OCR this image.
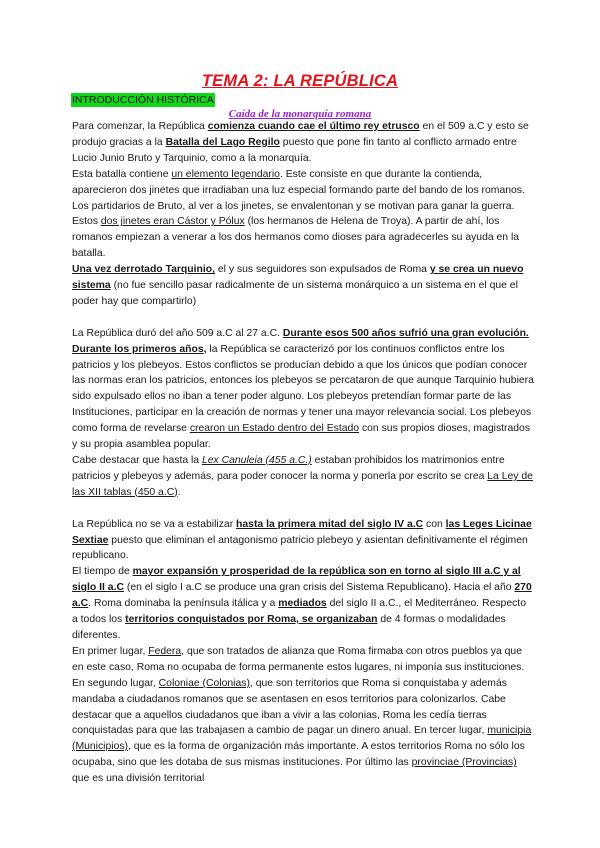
TEMA 2: LA REPÚBLICA
INTRODUCCIÓN HISTÓRICA
Caída de la monarquía romana

Para comenzar, la República comienza cuando cae el último rey etrusco en el 509 a.C y esto se produjo gracias a la Batalla del Lago Regilo puesto que pone fin tanto al conflicto armado entre Lucio Junio Bruto y Tarquinio, como a la monarquía.

Esta batalla contiene un elemento legendario. Este consiste en que durante la contienda, aparecieron dos jinetes que irradiaban una luz especial formando parte del bando de los romanos. Los partidarios de Bruto, al ver a los jinetes, se envalentonan y se motivan para ganar la guerra. Estos dos jinetes eran Cástor y Pólux (los hermanos de Helena de Troya). A partir de ahí, los romanos empiezan a venerar a los dos hermanos como dioses para agradecerles su ayuda en la batalla.

Una vez derrotado Tarquinio, el y sus seguidores son expulsados de Roma y se crea un nuevo sistema (no fue sencillo pasar radicalmente de un sistema monárquico a un sistema en el que el poder hay que compartirlo)

La República duró del año 509 a.C al 27 a.C. Durante esos 500 años sufrió una gran evolución.

Durante los primeros años, la República se caracterizó por los continuos conflictos entre los patricios y los plebeyos. Estos conflictos se producían debido a que los únicos que podían conocer las normas eran los patricios, entonces los plebeyos se percataron de que aunque Tarquinio hubiera sido expulsado ellos no iban a tener poder alguno. Los plebeyos pretendían formar parte de las Instituciones, participar en la creación de normas y tener una mayor relevancia social. Los plebeyos como forma de revelarse crearon un Estado dentro del Estado con sus propios dioses, magistrados y su propia asamblea popular.

Cabe destacar que hasta la Lex Canuleia (455 a.C.) estaban prohibidos los matrimonios entre patricios y plebeyos y además, para poder conocer la norma y ponerla por escrito se crea La Ley de las XII tablas (450 a.C).

La República no se va a estabilizar hasta la primera mitad del siglo IV a.C con las Leges Licinae Sextiae puesto que eliminan el antagonismo patricio plebeyo y asientan definitivamente el régimen republicano.

El tiempo de mayor expansión y prosperidad de la república son en torno al siglo III a.C y al siglo II a.C (en el siglo I a.C se produce una gran crisis del Sistema Republicano). Hacia el año 270 a.C. Roma dominaba la península itálica y a mediados del siglo II a.C., el Mediterráneo. Respecto a todos los territorios conquistados por Roma, se organizaban de 4 formas o modalidades diferentes.

En primer lugar, Federa, que son tratados de alianza que Roma firmaba con otros pueblos ya que en este caso, Roma no ocupaba de forma permanente estos lugares, ni imponía sus instituciones. En segundo lugar, Coloniae (Colonias), que son territorios que Roma si conquistaba y además mandaba a ciudadanos romanos que se asentasen en esos territorios para colonizarlos. Cabe destacar que a aquellos ciudadanos que iban a vivir a las colonias, Roma les cedía tierras conquistadas para que las trabajasen a cambio de pagar un dinero anual. En tercer lugar, municipia (Municipios), que es la forma de organización más importante. A estos territorios Roma no sólo los ocupaba, sino que les dotaba de sus mismas instituciones. Por último las provinciae (Provincias) que es una división territorial
